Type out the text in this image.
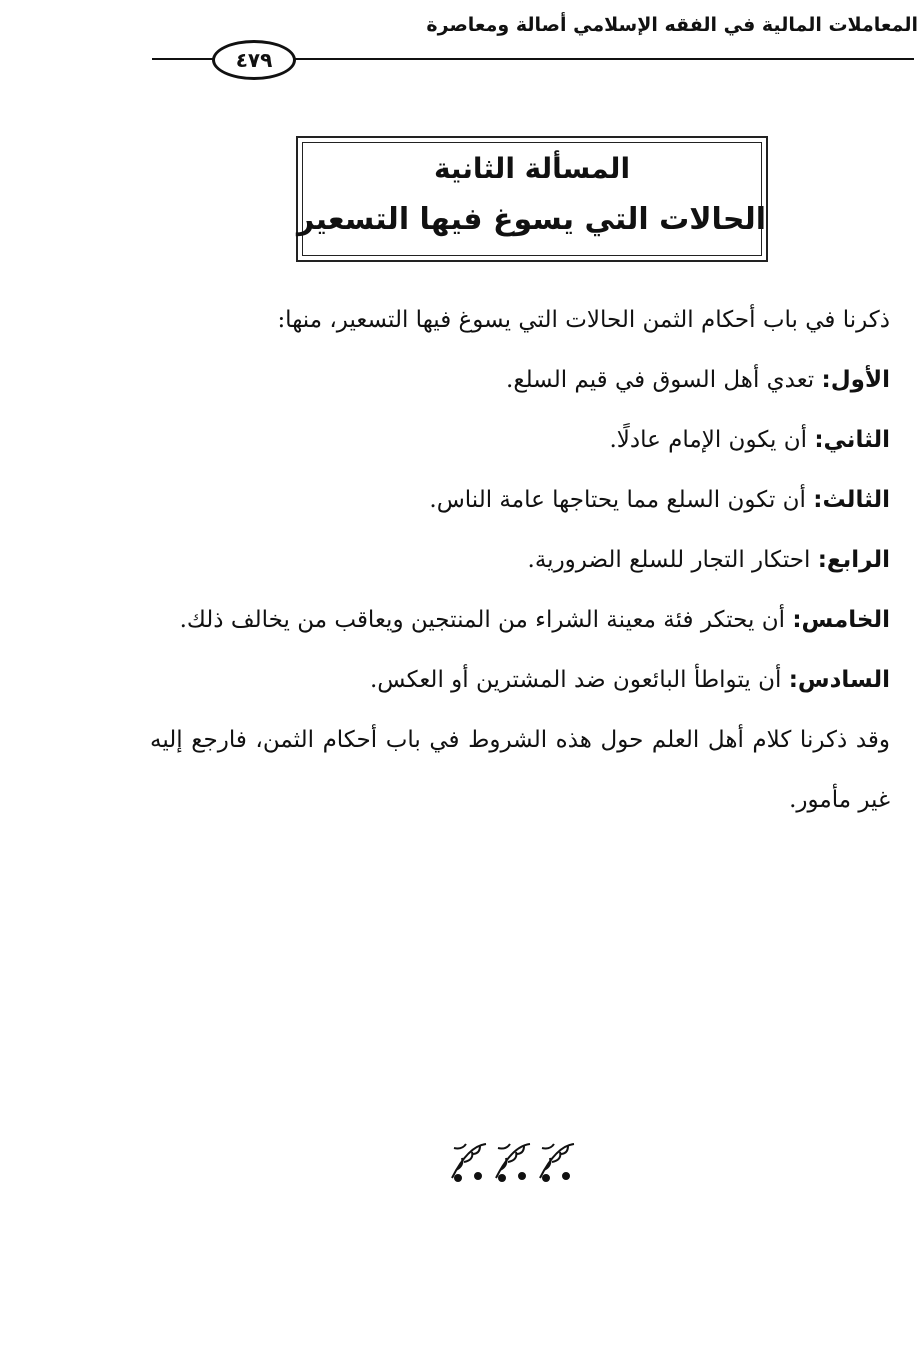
المعاملات المالية في الفقه الإسلامي أصالة ومعاصرة
٤٧٩
المسألة الثانية
الحالات التي يسوغ فيها التسعير

ذكرنا في باب أحكام الثمن الحالات التي يسوغ فيها التسعير، منها:

الأول: تعدي أهل السوق في قيم السلع.

الثاني: أن يكون الإمام عادلًا.

الثالث: أن تكون السلع مما يحتاجها عامة الناس.

الرابع: احتكار التجار للسلع الضرورية.

الخامس: أن يحتكر فئة معينة الشراء من المنتجين ويعاقب من يخالف ذلك.

السادس: أن يتواطأ البائعون ضد المشترين أو العكس.

وقد ذكرنا كلام أهل العلم حول هذه الشروط في باب أحكام الثمن، فارجع إليه غير مأمور.
